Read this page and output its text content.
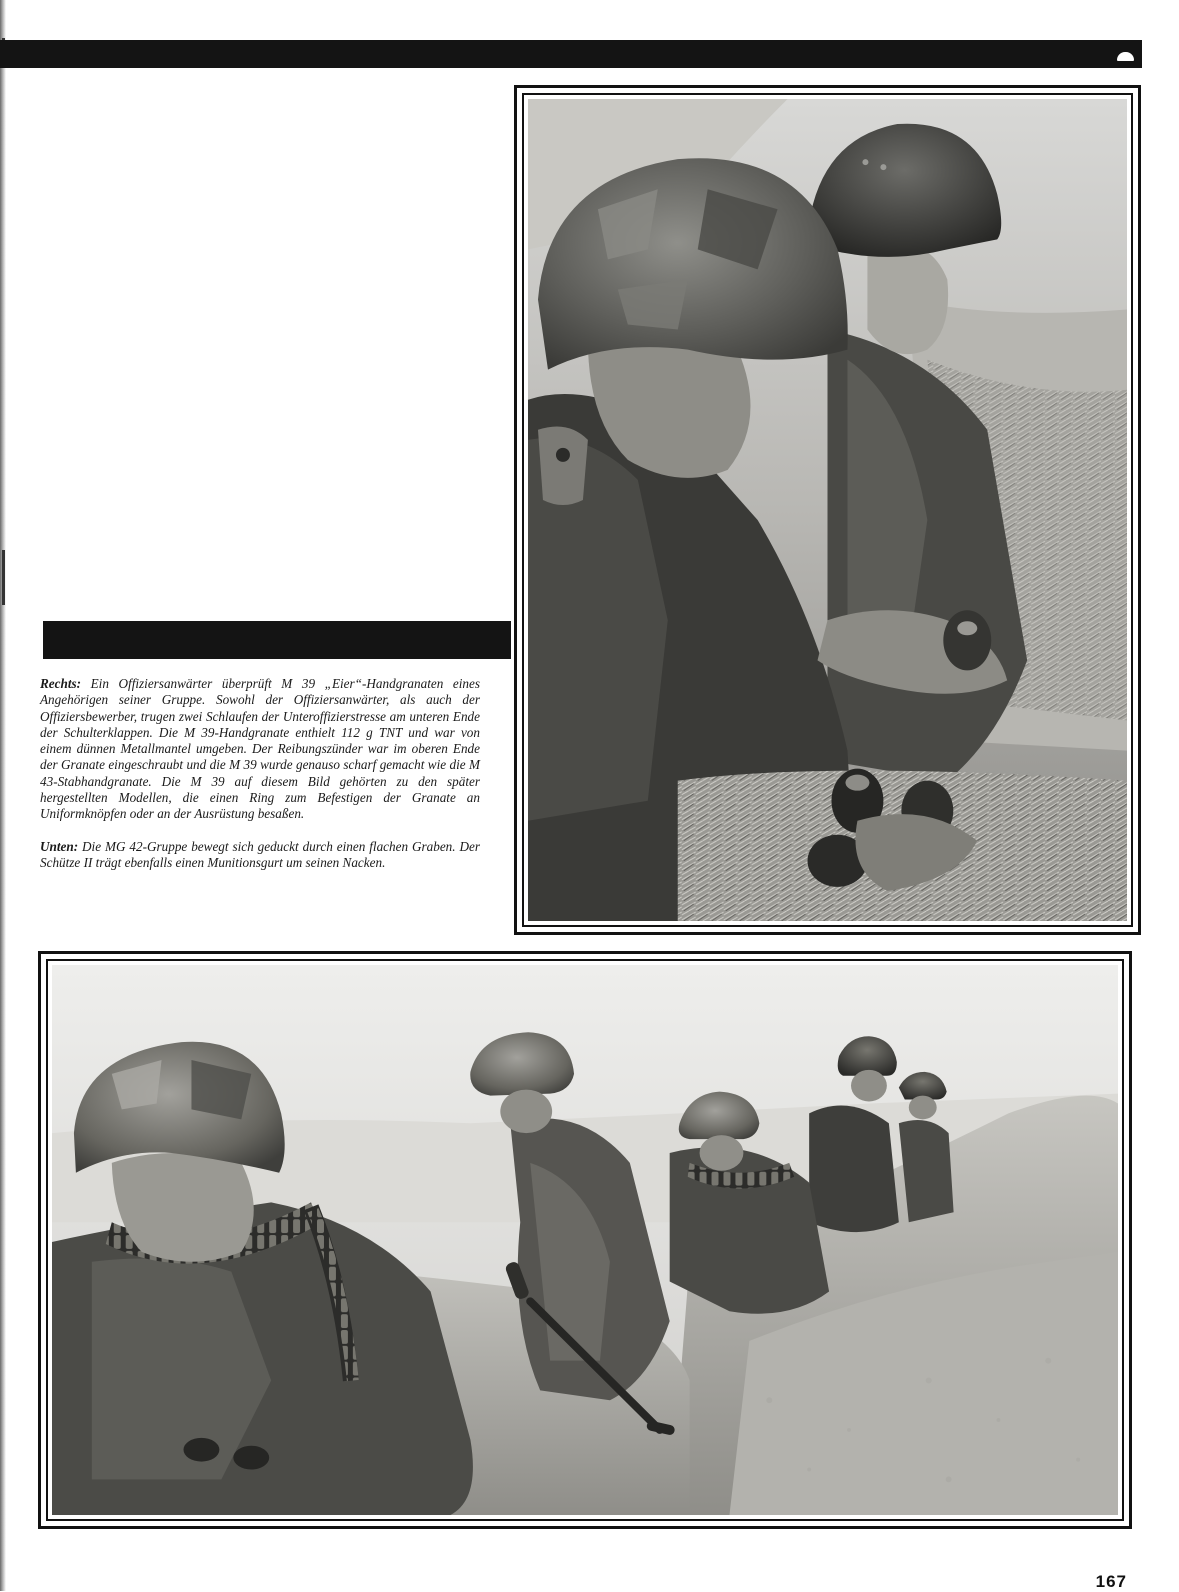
Rechts: Ein Offiziersanwärter überprüft M 39 „Eier“-Handgranaten eines Angehörigen seiner Gruppe. Sowohl der Offiziersanwärter, als auch der Offiziersbewerber, trugen zwei Schlaufen der Unteroffizierstresse am unteren Ende der Schulterklappen. Die M 39-Handgranate enthielt 112 g TNT und war von einem dünnen Metallmantel umgeben. Der Reibungszünder war im oberen Ende der Granate eingeschraubt und die M 39 wurde genauso scharf gemacht wie die M 43-Stabhandgranate. Die M 39 auf diesem Bild gehörten zu den später hergestellten Modellen, die einen Ring zum Befestigen der Granate an Uniformknöpfen oder an der Ausrüstung besaßen.

Unten: Die MG 42-Gruppe bewegt sich geduckt durch einen flachen Graben. Der Schütze II trägt ebenfalls einen Munitionsgurt um seinen Nacken.

167
